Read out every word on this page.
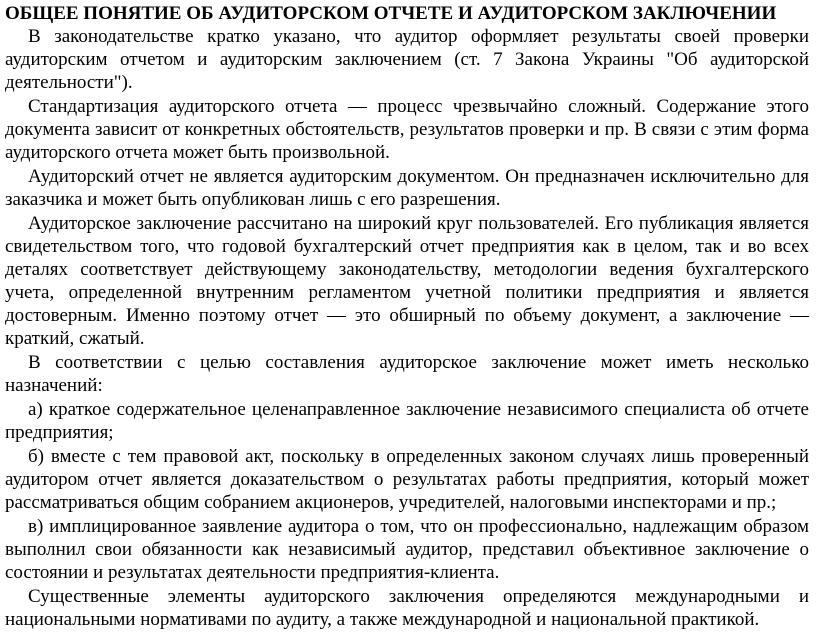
ОБЩЕЕ ПОНЯТИЕ ОБ АУДИТОРСКОМ ОТЧЕТЕ И АУДИТОРСКОМ ЗАКЛЮЧЕНИИ

В законодательстве кратко указано, что аудитор оформляет результаты своей проверки аудиторским отчетом и аудиторским заключением (ст. 7 Закона Украины "Об аудиторской деятельности").

Стандартизация аудиторского отчета — процесс чрезвычайно сложный. Содержание этого документа зависит от конкретных обстоятельств, результатов проверки и пр. В связи с этим форма аудиторского отчета может быть произвольной.

Аудиторский отчет не является аудиторским документом. Он предназначен исключительно для заказчика и может быть опубликован лишь с его разрешения.

Аудиторское заключение рассчитано на широкий круг пользователей. Его публикация является свидетельством того, что годовой бухгалтерский отчет предприятия как в целом, так и во всех деталях соответствует действующему законодательству, методологии ведения бухгалтерского учета, определенной внутренним регламентом учетной политики предприятия и является достоверным. Именно поэтому отчет — это обширный по объему документ, а заключение — краткий, сжатый.

В соответствии с целью составления аудиторское заключение может иметь несколько назначений:

а) краткое содержательное целенаправленное заключение независимого специалиста об отчете предприятия;

б) вместе с тем правовой акт, поскольку в определенных законом случаях лишь проверенный аудитором отчет является доказательством о результатах работы предприятия, который может рассматриваться общим собранием акционеров, учредителей, налоговыми инспекторами и пр.;

в) имплицированное заявление аудитора о том, что он профессионально, надлежащим образом выполнил свои обязанности как независимый аудитор, представил объективное заключение о состоянии и результатах деятельности предприятия-клиента.

Существенные элементы аудиторского заключения определяются международными и национальными нормативами по аудиту, а также международной и национальной практикой.
